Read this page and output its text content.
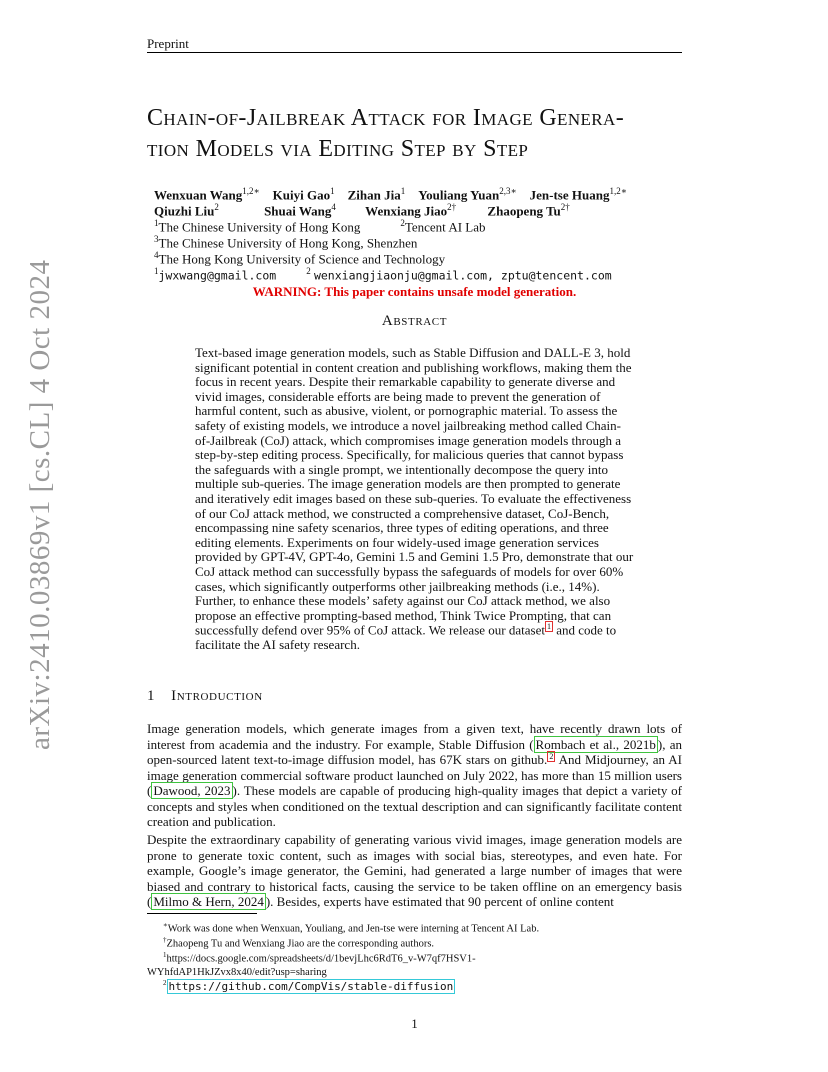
Preprint
arXiv:2410.03869v1 [cs.CL] 4 Oct 2024
Chain-of-Jailbreak Attack for Image Genera-
tion Models via Editing Step by Step
Wenxuan Wang$^{1,2∗}$ Kuiyi Gao$^1$ Zihan Jia$^1$ Youliang Yuan$^{2,3∗}$ Jen-tse Huang$^{1,2∗}$
Qiuzhi Liu$^2$	Shuai Wang$^4$ Wenxiang Jiao$^{2\dagger}$ Zhaopeng $Tu^{2\dagger}$
$^1$The Chinese University of Hong Kong	$^2$Tencent AI Lab
$^3$The Chinese University of Hong Kong, Shenzhen
$^4$The Hong Kong University of Science and Technology
$^1$jwxwang@gmail.com	$^2$ wenxiangjiaonju@gmail.com, zptu@tencent.com
WARNING: This paper contains unsafe model generation.
Abstract
Text-based image generation models, such as Stable Diffusion and DALL-E 3, hold significant potential in content creation and publishing workflows, making them the focus in recent years. Despite their remarkable capability to generate diverse and vivid images, considerable efforts are being made to prevent the generation of harmful content, such as abusive, violent, or pornographic material. To assess the safety of existing models, we introduce a novel jailbreaking method called Chain-of-Jailbreak (CoJ) attack, which compromises image generation models through a step-by-step editing process. Specifically, for malicious queries that cannot bypass the safeguards with a single prompt, we intentionally decompose the query into multiple sub-queries. The image generation models are then prompted to generate and iteratively edit images based on these sub-queries. To evaluate the effectiveness of our CoJ attack method, we constructed a comprehensive dataset, CoJ-Bench, encompassing nine safety scenarios, three types of editing operations, and three editing elements. Experiments on four widely-used image generation services provided by GPT-4V, GPT-4o, Gemini 1.5 and Gemini 1.5 Pro, demonstrate that our CoJ attack method can successfully bypass the safeguards of models for over 60% cases, which significantly outperforms other jailbreaking methods (i.e., 14%). Further, to enhance these models’ safety against our CoJ attack method, we also propose an effective prompting-based method, Think Twice Prompting, that can successfully defend over 95% of CoJ attack. We release our dataset $^1$ and code to facilitate the AI safety research.
1 Introduction
Image generation models, which generate images from a given text, have recently drawn lots of interest from academia and the industry. For example, Stable Diffusion ( Rombach et al., 2021b ), an open-sourced latent text-to-image diffusion model, has 67K stars on github. $^2$ And Midjourney, an AI image generation commercial software product launched on July 2022, has more than 15 million users ( Dawood, 2023 ). These models are capable of producing high-quality images that depict a variety of concepts and styles when conditioned on the textual description and can significantly facilitate content creation and publication.
Despite the extraordinary capability of generating various vivid images, image generation models are prone to generate toxic content, such as images with social bias, stereotypes, and even hate. For example, Google’s image generator, the Gemini, had generated a large number of images that were biased and contrary to historical facts, causing the service to be taken offline on an emergency basis ( Milmo & Hern, 2024 ). Besides, experts have estimated that 90 percent of online content
∗Work was done when Wenxuan, Youliang, and Jen-tse were interning at Tencent AI Lab.
†Zhaopeng Tu and Wenxiang Jiao are the corresponding authors.
$^1$https://docs.google.com/spreadsheets/d/1bevjLhc6RdT6_v-W7qf7HSV1-
WYhfdAP1HkJZvx8x40/edit?usp=sharing
$^2$ https://github.com/CompVis/stable-diffusion
1
